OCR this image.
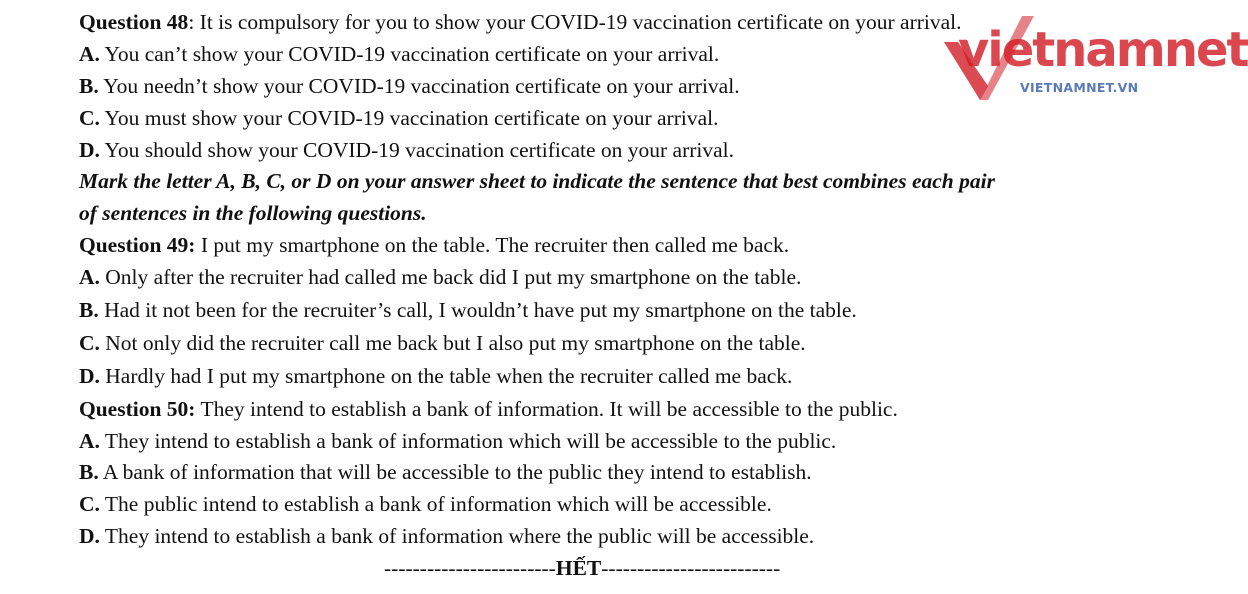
Question 48: It is compulsory for you to show your COVID-19 vaccination certificate on your arrival.
A. You can’t show your COVID-19 vaccination certificate on your arrival.
B. You needn’t show your COVID-19 vaccination certificate on your arrival.
C. You must show your COVID-19 vaccination certificate on your arrival.
D. You should show your COVID-19 vaccination certificate on your arrival.
Mark the letter A, B, C, or D on your answer sheet to indicate the sentence that best combines each pair
of sentences in the following questions.
Question 49: I put my smartphone on the table. The recruiter then called me back.
A. Only after the recruiter had called me back did I put my smartphone on the table.
B. Had it not been for the recruiter’s call, I wouldn’t have put my smartphone on the table.
C. Not only did the recruiter call me back but I also put my smartphone on the table.
D. Hardly had I put my smartphone on the table when the recruiter called me back.
Question 50: They intend to establish a bank of information. It will be accessible to the public.
A. They intend to establish a bank of information which will be accessible to the public.
B. A bank of information that will be accessible to the public they intend to establish.
C. The public intend to establish a bank of information which will be accessible.
D. They intend to establish a bank of information where the public will be accessible.
------------------------HẾT-------------------------
vietnamnet
VIETNAMNET.VN
